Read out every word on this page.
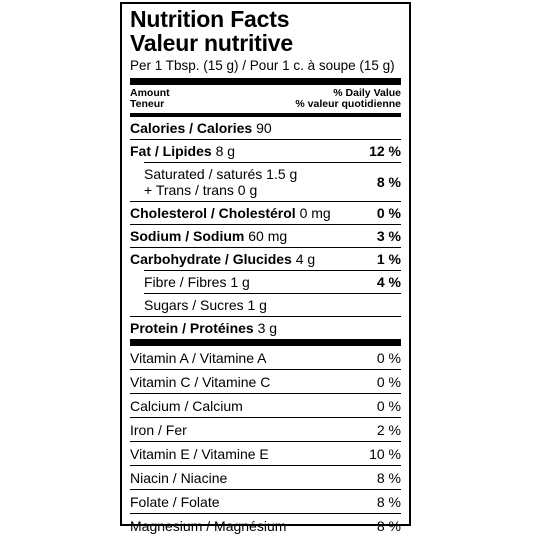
Nutrition Facts
Valeur nutritive
Per 1 Tbsp. (15 g) / Pour 1 c. à soupe (15 g)
Amount
Teneur
% Daily Value
% valeur quotidienne
Calories / Calories 90
Fat / Lipides 8 g	12 %
Saturated / saturés 1.5 g
+ Trans / trans 0 g	8 %
Cholesterol / Cholestérol 0 mg	0 %
Sodium / Sodium 60 mg	3 %
Carbohydrate / Glucides 4 g	1 %
Fibre / Fibres 1 g	4 %
Sugars / Sucres 1 g
Protein / Protéines 3 g
Vitamin A / Vitamine A	0 %
Vitamin C / Vitamine C	0 %
Calcium / Calcium	0 %
Iron / Fer	2 %
Vitamin E / Vitamine E	10 %
Niacin / Niacine	8 %
Folate / Folate	8 %
Magnesium / Magnésium	8 %
